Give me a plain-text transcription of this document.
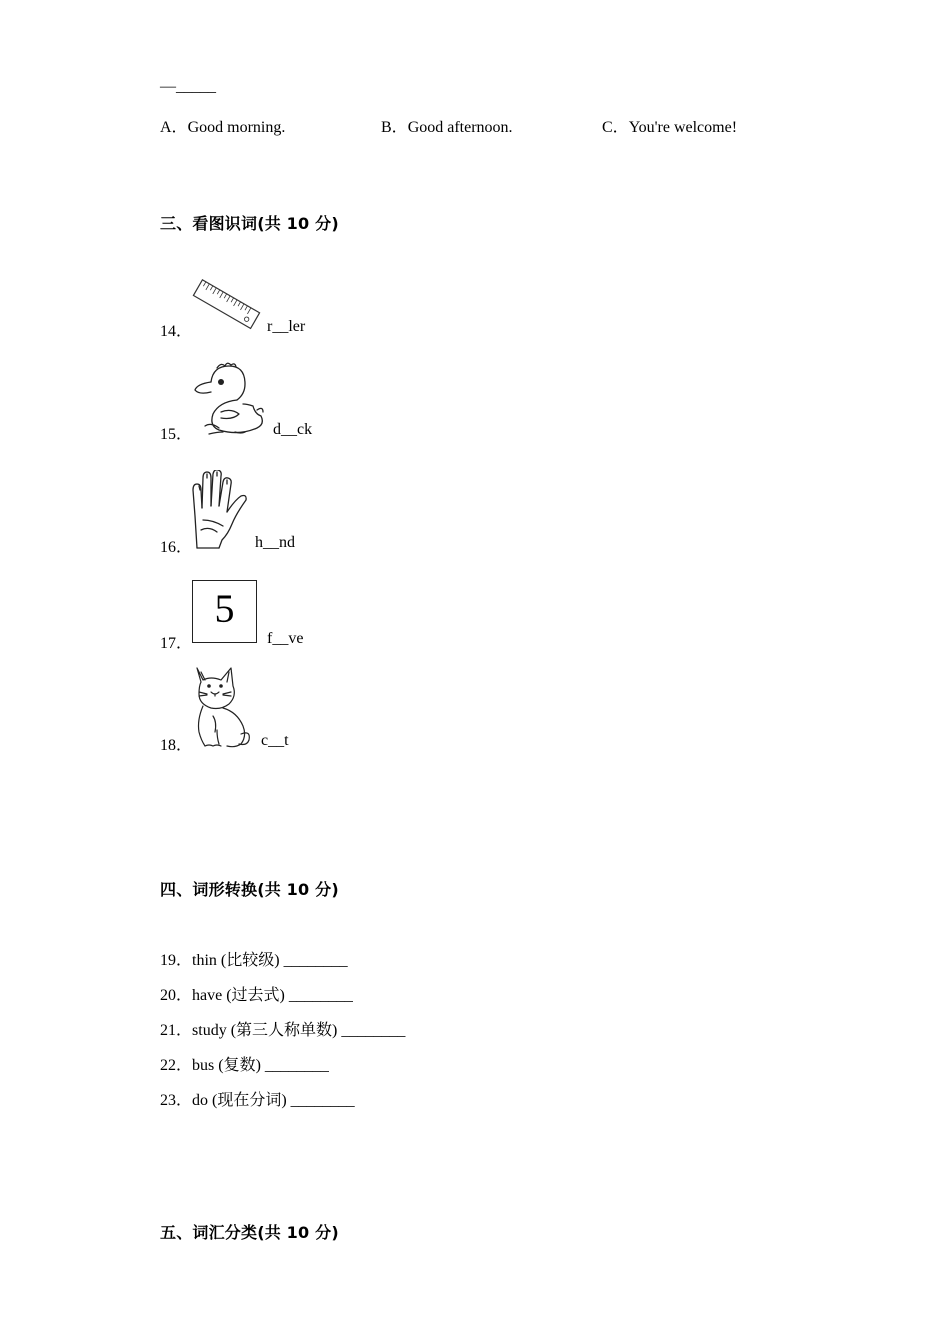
—_____
A．Good morning.	B．Good afternoon.	C．You're welcome!
三、看图识词(共 10 分)
14．	r__ler
15．	d__ck
16．	h__nd
17．
5
f__ve
18．	c__t
四、词形转换(共 10 分)
19．thin (比较级) ________
20．have (过去式) ________
21．study (第三人称单数) ________
22．bus (复数) ________
23．do (现在分词) ________
五、词汇分类(共 10 分)
